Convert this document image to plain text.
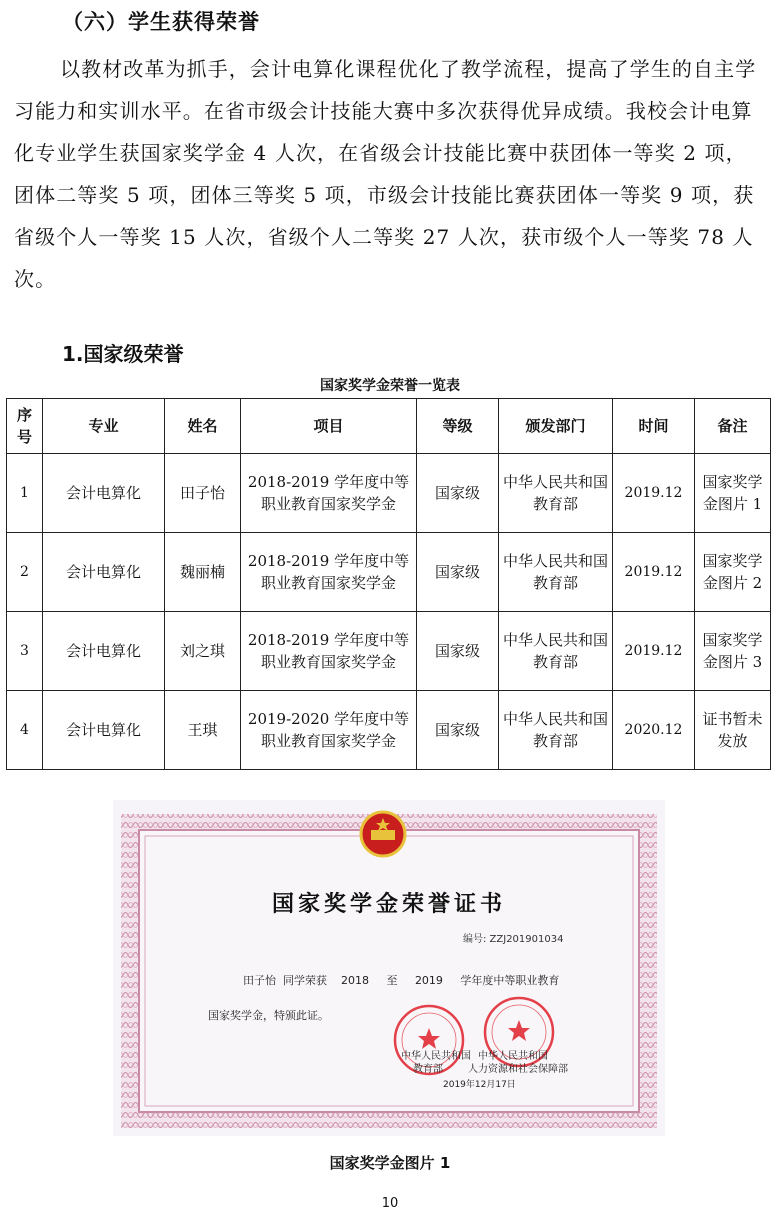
（六）学生获得荣誉
以教材改革为抓手，会计电算化课程优化了教学流程，提高了学生的自主学习能力和实训水平。在省市级会计技能大赛中多次获得优异成绩。我校会计电算化专业学生获国家奖学金 4 人次，在省级会计技能比赛中获团体一等奖 2 项，团体二等奖 5 项，团体三等奖 5 项，市级会计技能比赛获团体一等奖 9 项，获省级个人一等奖 15 人次，省级个人二等奖 27 人次，获市级个人一等奖 78 人次。
1.国家级荣誉
国家奖学金荣誉一览表
序号	专业	姓名	项目	等级	颁发部门	时间	备注
1	会计电算化	田子怡	2018-2019 学年度中等职业教育国家奖学金	国家级	中华人民共和国教育部	2019.12	国家奖学金图片 1
2	会计电算化	魏丽楠	2018-2019 学年度中等职业教育国家奖学金	国家级	中华人民共和国教育部	2019.12	国家奖学金图片 2
3	会计电算化	刘之琪	2018-2019 学年度中等职业教育国家奖学金	国家级	中华人民共和国教育部	2019.12	国家奖学金图片 3
4	会计电算化	王琪	2019-2020 学年度中等职业教育国家奖学金	国家级	中华人民共和国教育部	2020.12	证书暂未发放
国家奖学金荣誉证书
编号: ZZJ201901034
田子怡  同学荣获    2018     至     2019     学年度中等职业教育
国家奖学金，特颁此证。
中华人民共和国 中华人民共和国
教育部	人力资源和社会保障部
2019年12月17日
国家奖学金图片 1
10
